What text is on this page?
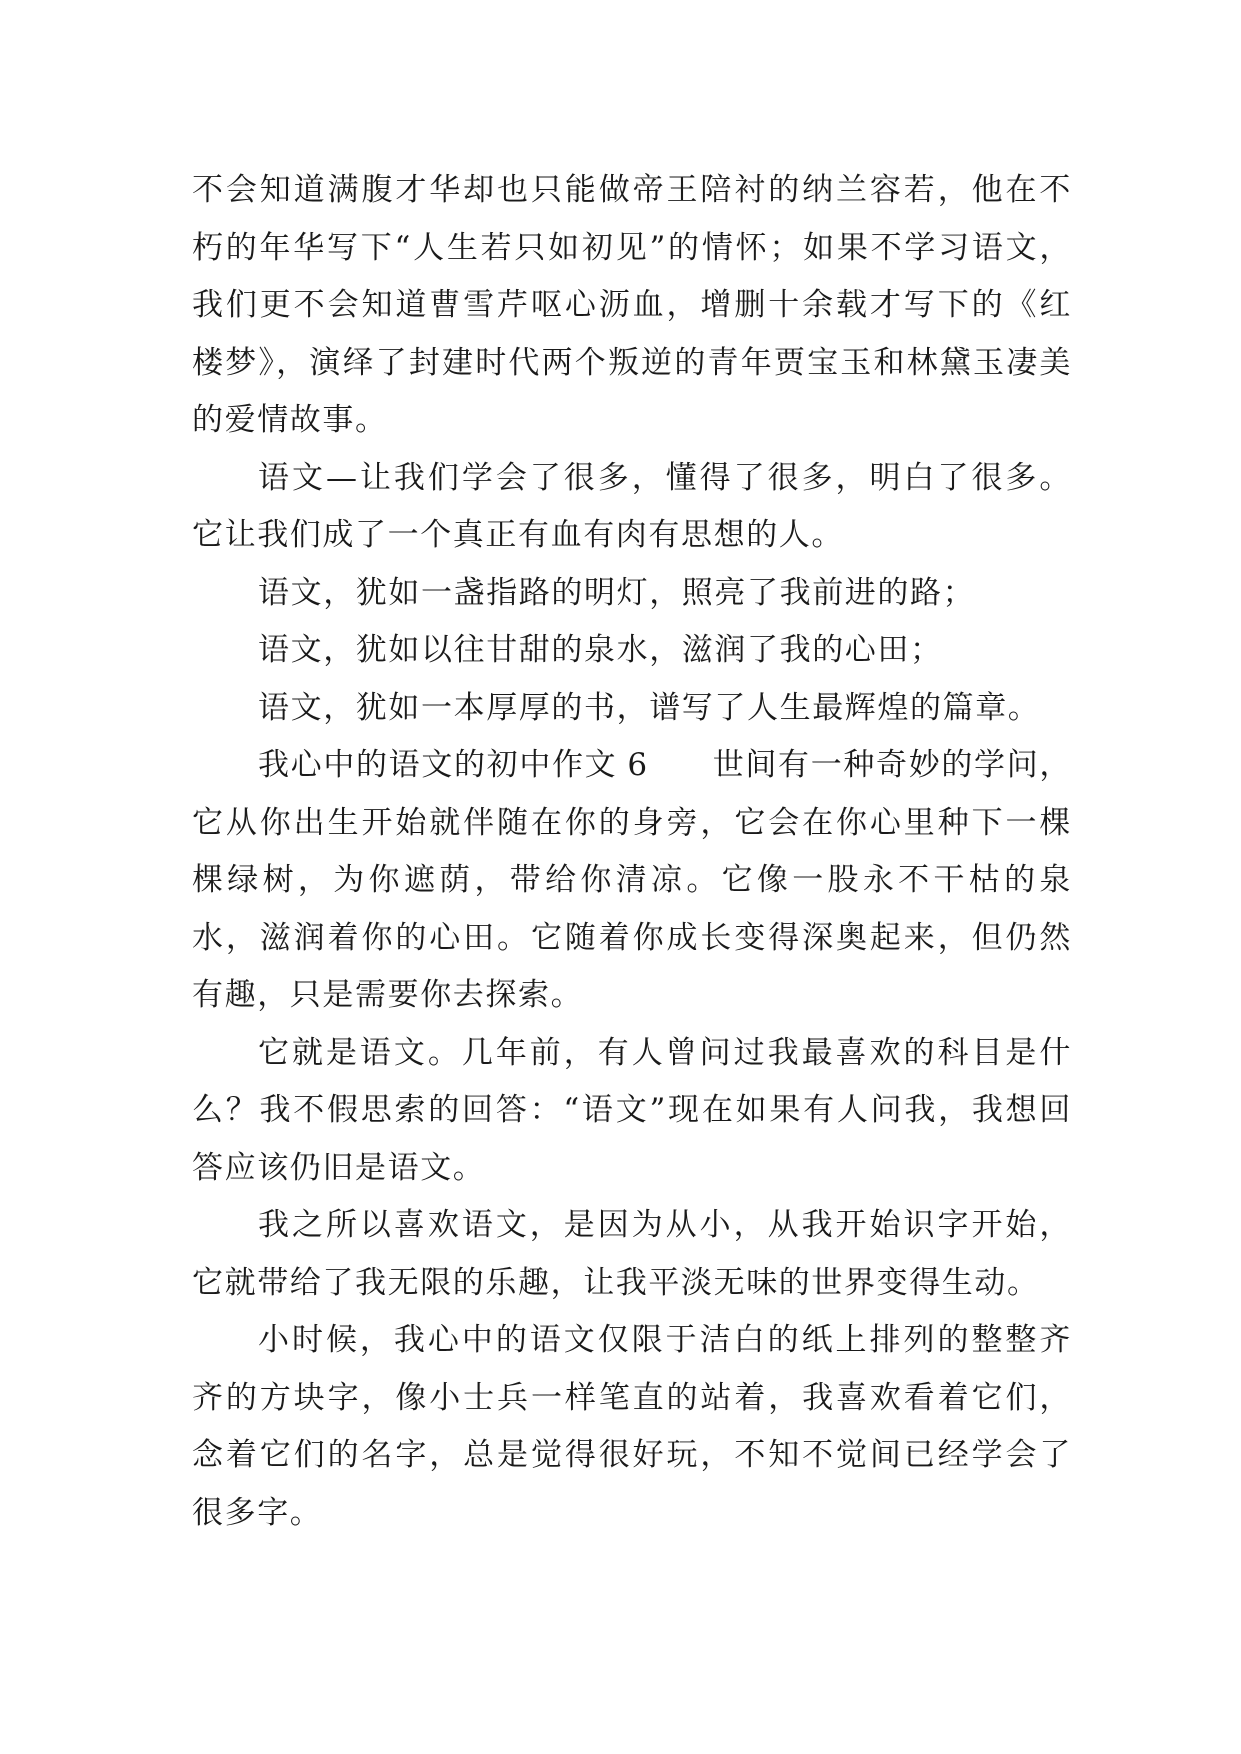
不会知道满腹才华却也只能做帝王陪衬的纳兰容若，他在不朽的年华写下“人生若只如初见”的情怀；如果不学习语文，我们更不会知道曹雪芹呕心沥血，增删十余载才写下的《红楼梦》，演绎了封建时代两个叛逆的青年贾宝玉和林黛玉凄美的爱情故事。

语文—让我们学会了很多，懂得了很多，明白了很多。它让我们成了一个真正有血有肉有思想的人。

语文，犹如一盏指路的明灯，照亮了我前进的路；

语文，犹如以往甘甜的泉水，滋润了我的心田；

语文，犹如一本厚厚的书，谱写了人生最辉煌的篇章。

我心中的语文的初中作文 6 世间有一种奇妙的学问，它从你出生开始就伴随在你的身旁，它会在你心里种下一棵棵绿树，为你遮荫，带给你清凉。它像一股永不干枯的泉水，滋润着你的心田。它随着你成长变得深奥起来，但仍然有趣，只是需要你去探索。

它就是语文。几年前，有人曾问过我最喜欢的科目是什么？我不假思索的回答：“语文”现在如果有人问我，我想回答应该仍旧是语文。

我之所以喜欢语文，是因为从小，从我开始识字开始，它就带给了我无限的乐趣，让我平淡无味的世界变得生动。

小时候，我心中的语文仅限于洁白的纸上排列的整整齐齐的方块字，像小士兵一样笔直的站着，我喜欢看着它们，念着它们的名字，总是觉得很好玩，不知不觉间已经学会了很多字。
